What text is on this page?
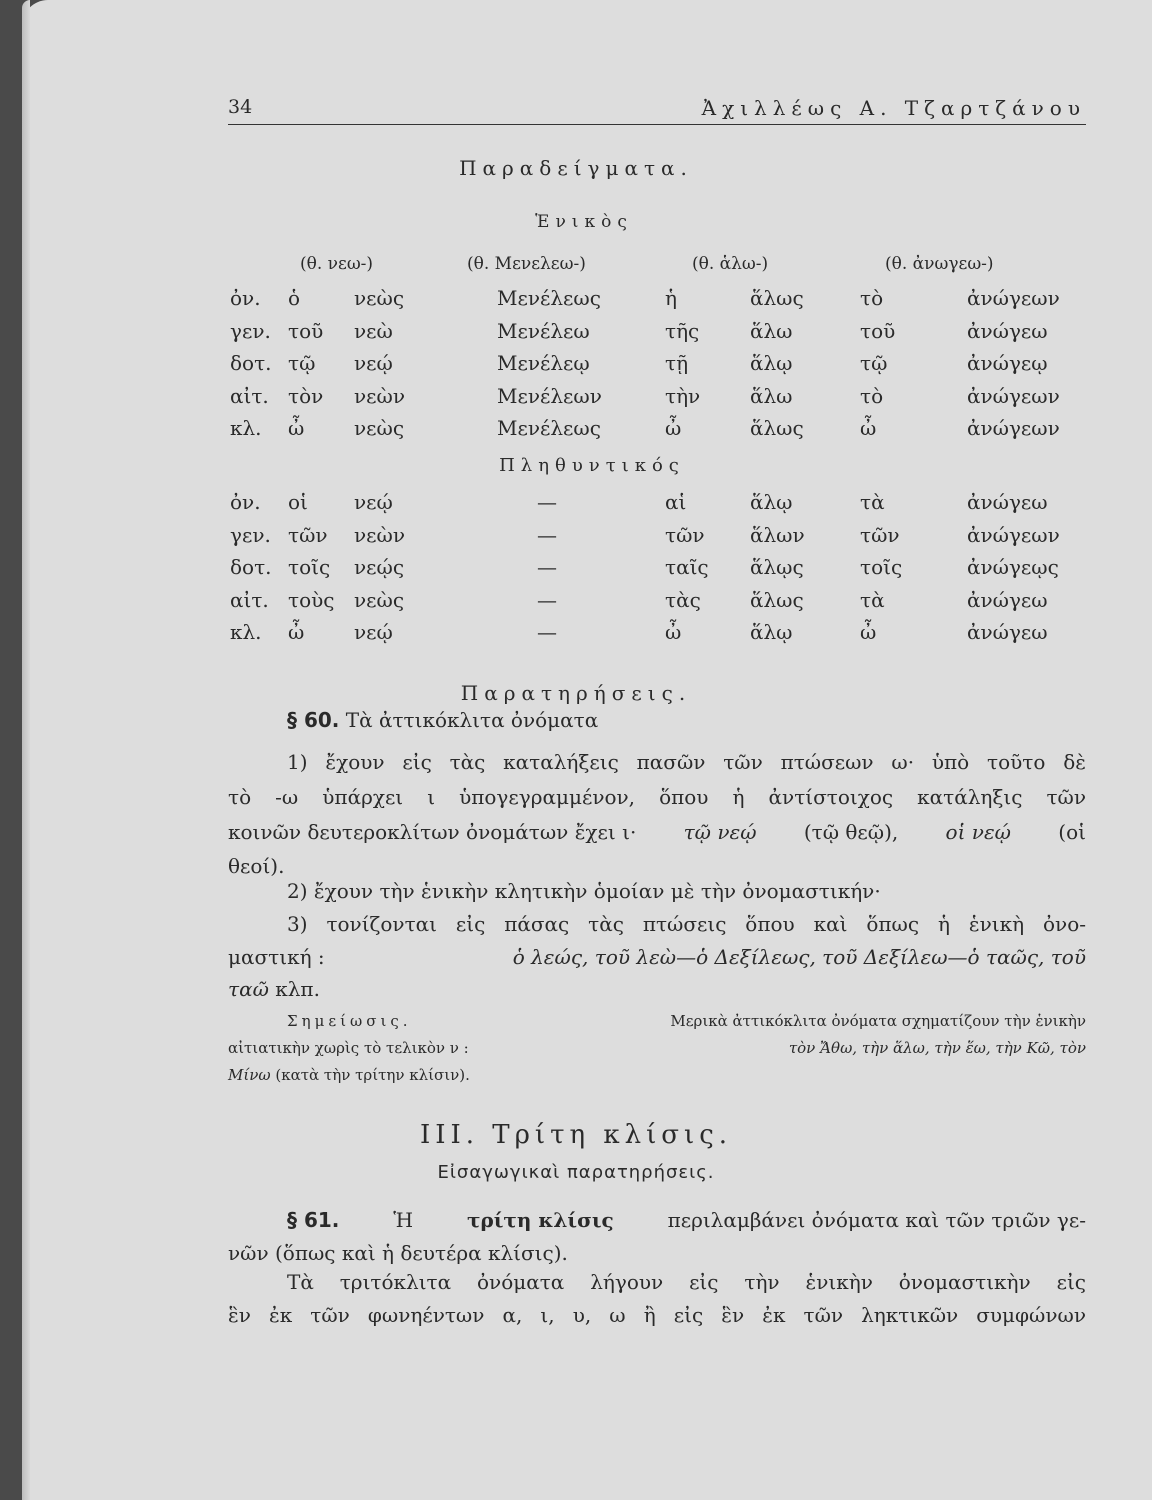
34	Ἀχιλλέως Α. Τζαρτζάνου
Παραδείγματα.
Ἑνικὸς
(θ. νεω-)	(θ. Μενελεω-)	(θ. ἁλω-)	(θ. ἀνωγεω-)
ὀν. ὁ	νεὼς	Μενέλεως	ἡ	ἅλως	τὸ	ἀνώγεων
γεν. τοῦ νεὼ	Μενέλεω	τῆς	ἅλω	τοῦ	ἀνώγεω
δοτ. τῷ νεῴ	Μενέλεῳ	τῇ	ἅλῳ	τῷ	ἀνώγεῳ
αἰτ. τὸν νεὼν	Μενέλεων	τὴν ἅλω	τὸ	ἀνώγεων
κλ. ὦ νεὼς	Μενέλεως	ὦ	ἅλως	ὦ	ἀνώγεων
Πληθυντικός
ὀν. οἱ νεῴ	—	αἱ	ἅλῳ	τὰ	ἀνώγεω
γεν. τῶν νεὼν	—	τῶν ἅλων	τῶν	ἀνώγεων
δοτ. τοῖς νεῴς	—	ταῖς ἅλῳς	τοῖς	ἀνώγεῳς
αἰτ. τοὺς νεὼς	—	τὰς ἅλως	τὰ	ἀνώγεω
κλ. ὦ νεῴ	—	ὦ	ἅλῳ	ὦ	ἀνώγεω
Παρατηρήσεις.
§ 60. Τὰ ἀττικόκλιτα ὀνόματα
1) ἔχουν εἰς τὰς καταλήξεις πασῶν τῶν πτώσεων ω· ὑπὸ τοῦτο δὲ
τὸ -ω ὑπάρχει ι ὑπογεγραμμένον, ὅπου ἡ ἀντίστοιχος κατάληξις τῶν
κοινῶν δευτεροκλίτων ὀνομάτων ἔχει ι· τῷ νεῴ (τῷ θεῷ), οἱ νεῴ (οἱ
θεοί).
2) ἔχουν τὴν ἑνικὴν κλητικὴν ὁμοίαν μὲ τὴν ὀνομαστικήν·
3) τονίζονται εἰς πάσας τὰς πτώσεις ὅπου καὶ ὅπως ἡ ἑνικὴ ὀνο-
μαστική :	ὁ λεώς, τοῦ λεὼ—ὁ Δεξίλεως, τοῦ Δεξίλεω—ὁ ταῶς, τοῦ
ταῶ κλπ.
Σημείωσις.	Μερικὰ ἀττικόκλιτα ὀνόματα σχηματίζουν τὴν ἑνικὴν
αἰτιατικὴν χωρὶς τὸ τελικὸν ν :	τὸν Ἄθω, τὴν ἅλω, τὴν ἕω, τὴν Κῶ, τὸν
Μίνω (κατὰ τὴν τρίτην κλίσιν).
III. Τρίτη κλίσις.
Εἰσαγωγικαὶ παρατηρήσεις.
§ 61.	Ἡ	τρίτη κλίσις	περιλαμβάνει ὀνόματα καὶ τῶν τριῶν γε-
νῶν (ὅπως καὶ ἡ δευτέρα κλίσις).
Τὰ τριτόκλιτα ὀνόματα λήγουν εἰς τὴν ἑνικὴν ὀνομαστικὴν εἰς
ἓν ἐκ τῶν φωνηέντων α, ι, υ, ω ἢ εἰς ἓν ἐκ τῶν ληκτικῶν συμφώνων
